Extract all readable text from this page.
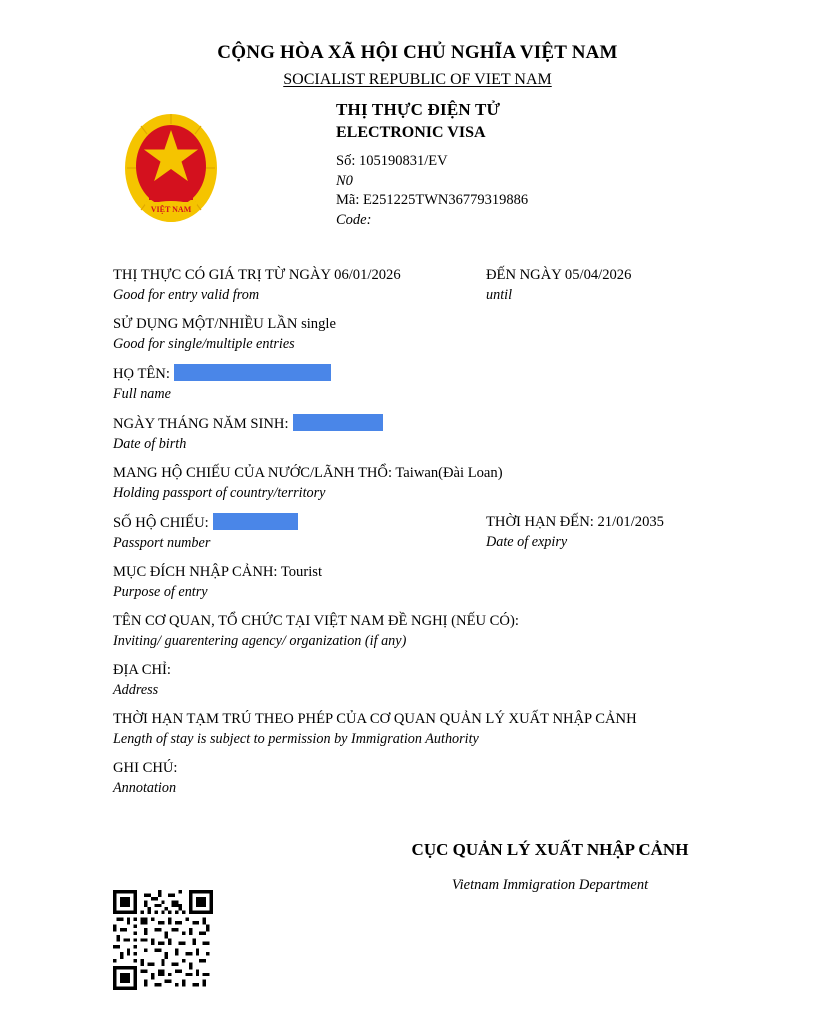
CỘNG HÒA XÃ HỘI CHỦ NGHĨA VIỆT NAM
SOCIALIST REPUBLIC OF VIET NAM
VIỆT NAM
THỊ THỰC ĐIỆN TỬ
ELECTRONIC VISA
Số: 105190831/EV
N0
Mã: E251225TWN36779319886
Code:
THỊ THỰC CÓ GIÁ TRỊ TỪ NGÀY 06/01/2026
Good for entry valid from
ĐẾN NGÀY 05/04/2026
until
SỬ DỤNG MỘT/NHIỀU LẦN single
Good for single/multiple entries
HỌ TÊN:
Full name
NGÀY THÁNG NĂM SINH:
Date of birth
MANG HỘ CHIẾU CỦA NƯỚC/LÃNH THỔ: Taiwan(Đài Loan)
Holding passport of country/territory
SỐ HỘ CHIẾU:
Passport number
THỜI HẠN ĐẾN: 21/01/2035
Date of expiry
MỤC ĐÍCH NHẬP CẢNH: Tourist
Purpose of entry
TÊN CƠ QUAN, TỔ CHỨC TẠI VIỆT NAM ĐỀ NGHỊ (NẾU CÓ):
Inviting/ guarentering agency/ organization (if any)
ĐỊA CHỈ:
Address
THỜI HẠN TẠM TRÚ THEO PHÉP CỦA CƠ QUAN QUẢN LÝ XUẤT NHẬP CẢNH
Length of stay is subject to permission by Immigration Authority
GHI CHÚ:
Annotation
CỤC QUẢN LÝ XUẤT NHẬP CẢNH
Vietnam Immigration Department
